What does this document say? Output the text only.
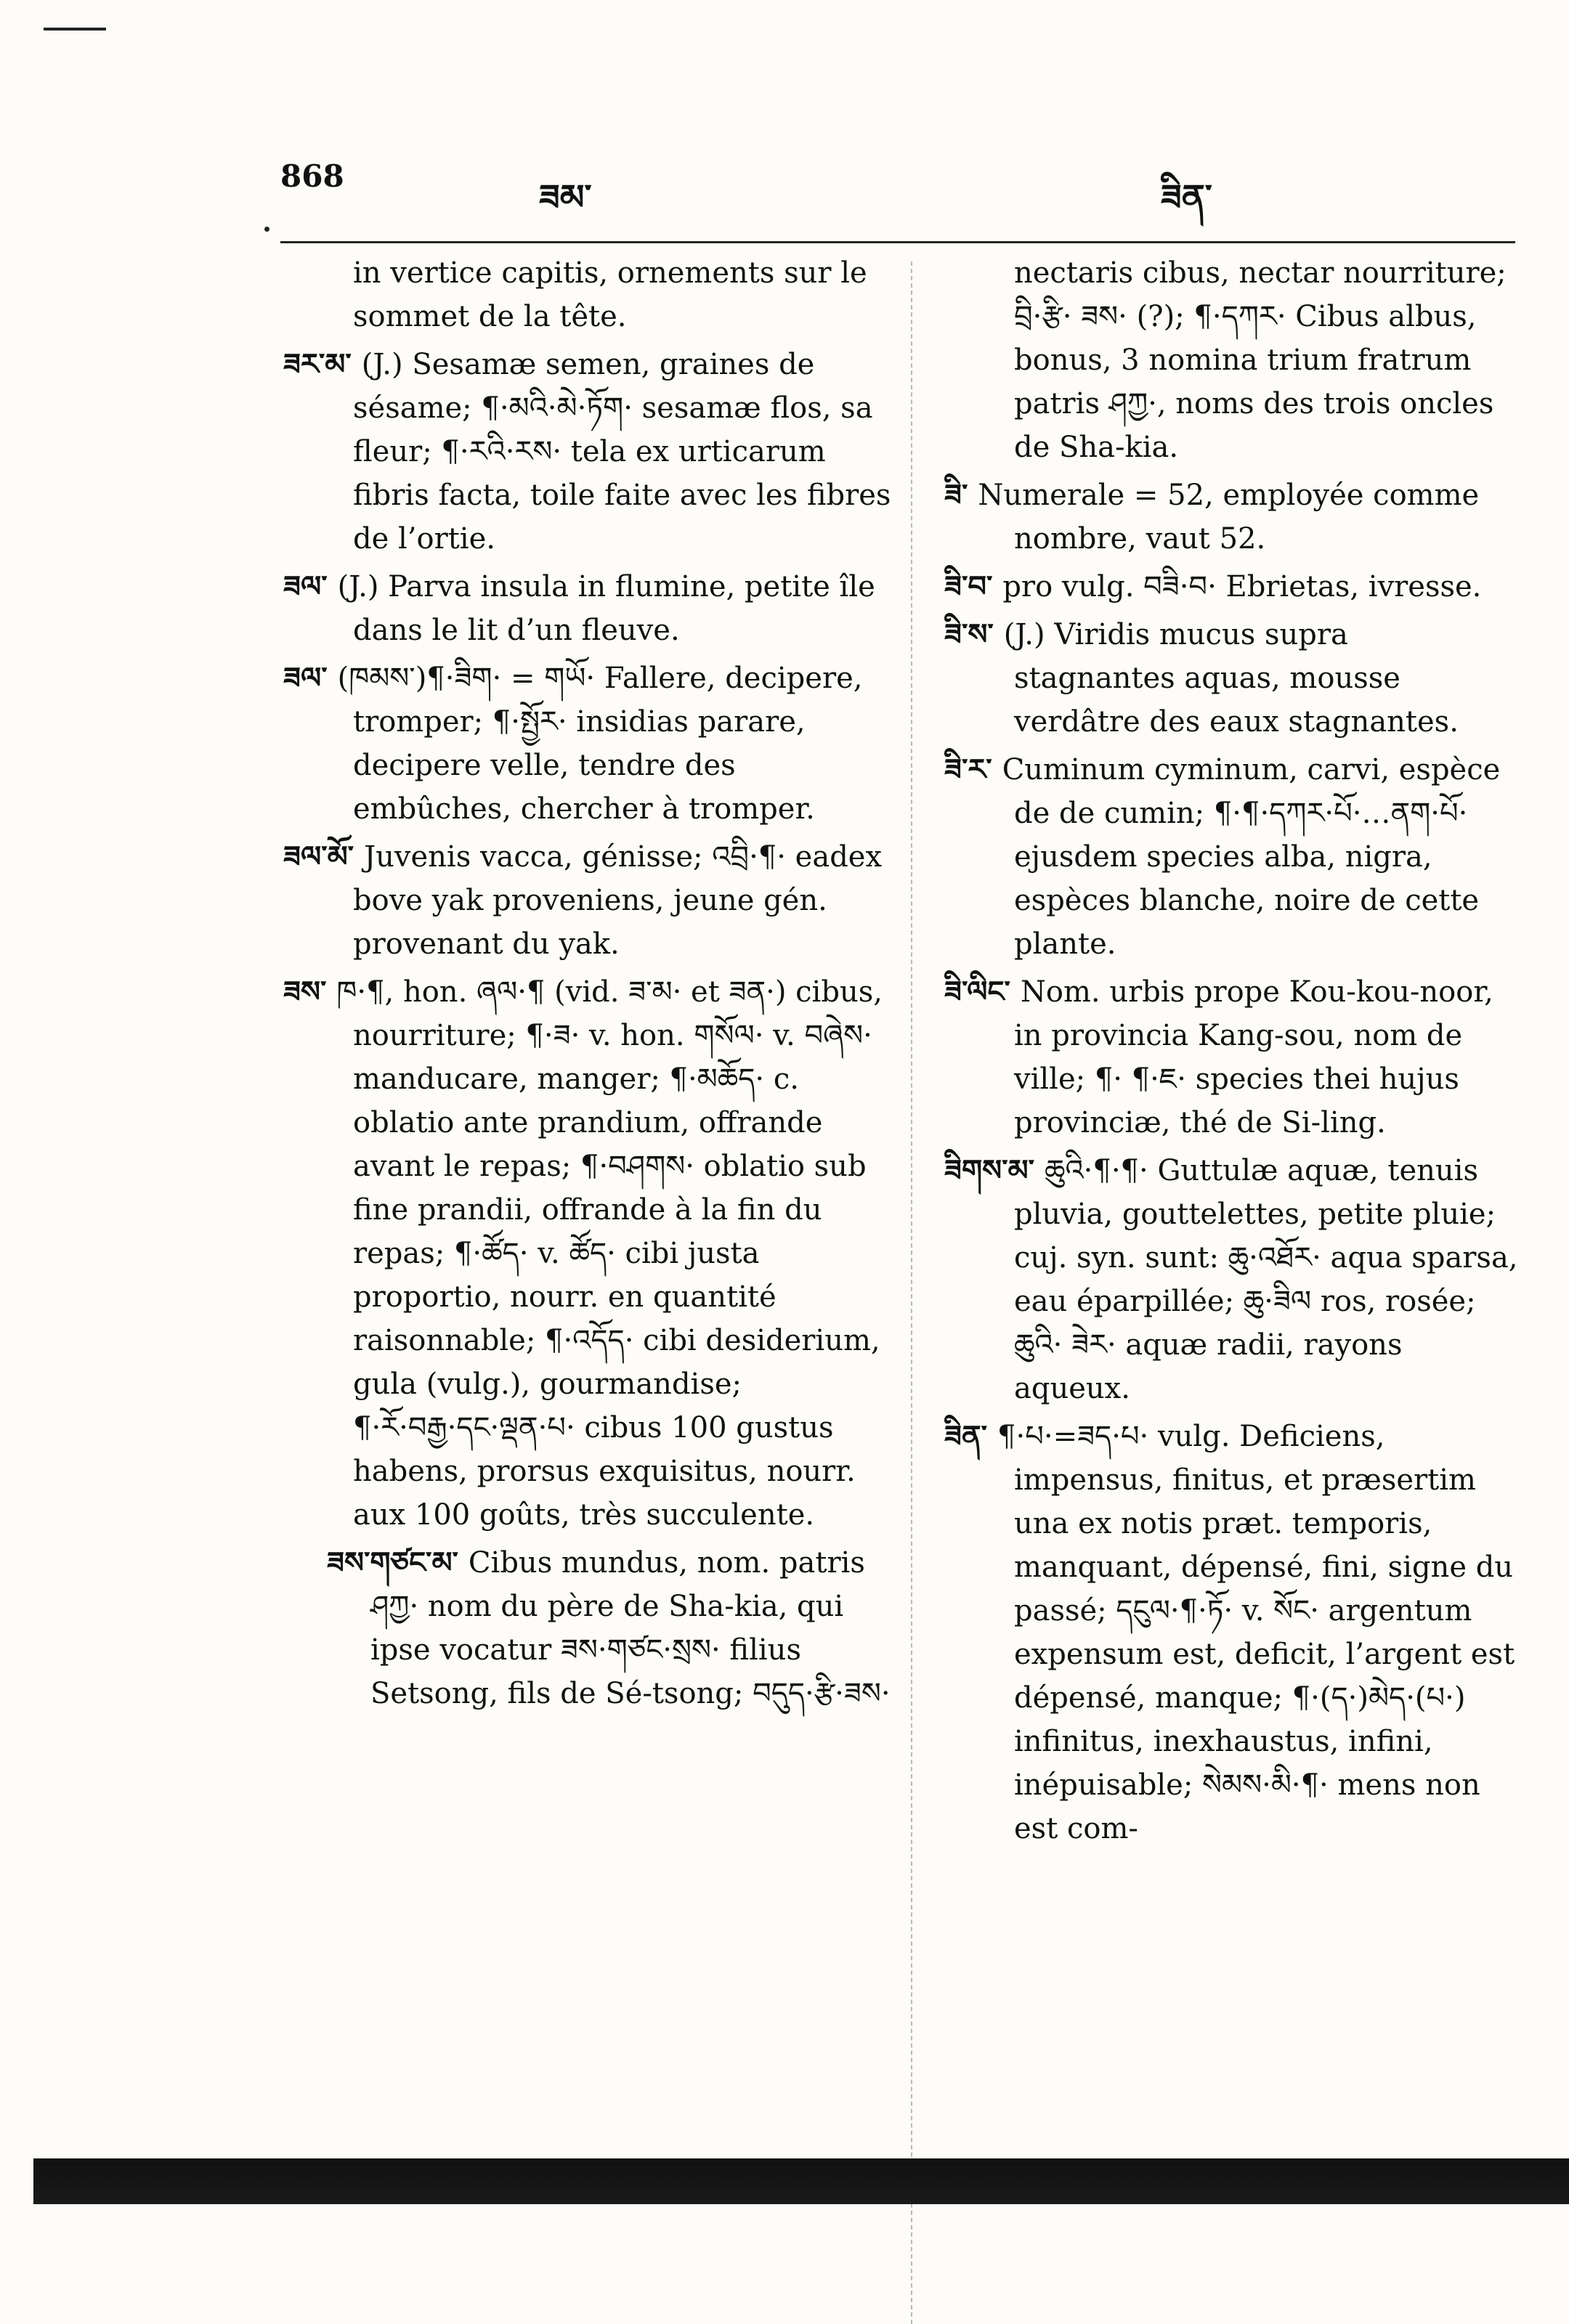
868
ཟམ་	ཟིན་
in vertice capitis, ornements sur le sommet de la tête.
ཟར་མ་ (J.) Sesamæ semen, graines de sésame; ¶·མའི·མེ·ཏོག· sesamæ flos, sa fleur; ¶·རའི·རས· tela ex urticarum fibris facta, toile faite avec les fibres de l’ortie.
ཟལ་ (J.) Parva insula in flumine, petite île dans le lit d’un fleuve.
ཟལ་ (ཁམས་)¶·ཟིག· = གཡོ· Fallere, decipere, tromper; ¶·སྤྱོར· insidias parare, decipere velle, tendre des embûches, chercher à tromper.
ཟལ་མོ་ Juvenis vacca, génisse; འབྲི·¶· eadex bove yak proveniens, jeune gén. provenant du yak.
ཟས་ ཁ·¶, hon. ཞལ·¶ (vid. ཟ་མ· et ཟན·) cibus, nourriture; ¶·ཟ· v. hon. གསོལ· v. བཞེས· manducare, manger; ¶·མཆོད· c. oblatio ante prandium, offrande avant le repas; ¶·བཤགས· oblatio sub fine prandii, offrande à la fin du repas; ¶·ཚོད· v. ཚོད· cibi justa proportio, nourr. en quantité raisonnable; ¶·འདོད· cibi desiderium, gula (vulg.), gourmandise; ¶·རོ·བརྒྱ·དང·ལྡན·པ· cibus 100 gustus habens, prorsus exquisitus, nourr. aux 100 goûts, très succulente.
ཟས་གཙང་མ་ Cibus mundus, nom. patris ཤཀྱ· nom du père de Sha-kia, qui ipse vocatur ཟས·གཙང·སྲས· filius Setsong, fils de Sé-tsong; བདུད·རྩི·ཟས·
nectaris cibus, nectar nourriture; བྲི·རྩི· ཟས· (?); ¶·དཀར· Cibus albus, bonus, 3 nomina trium fratrum patris ཤཀྱ·, noms des trois oncles de Sha-kia.
ཟི་ Numerale = 52, employée comme nombre, vaut 52.
ཟི་བ་ pro vulg. བཟི·བ· Ebrietas, ivresse.
ཟི་ས་ (J.) Viridis mucus supra stagnantes aquas, mousse verdâtre des eaux stagnantes.
ཟི་ར་ Cuminum cyminum, carvi, espèce de de cumin; ¶·¶·དཀར·པོ·…ནག·པོ· ejusdem species alba, nigra, espèces blanche, noire de cette plante.
ཟི་ལིང་ Nom. urbis prope Kou-kou-noor, in provincia Kang-sou, nom de ville; ¶· ¶·ཇ· species thei hujus provinciæ, thé de Si-ling.
ཟིགས་མ་ ཆུའི·¶·¶· Guttulæ aquæ, tenuis pluvia, gouttelettes, petite pluie; cuj. syn. sunt: ཆུ·འཐོར· aqua sparsa, eau éparpillée; ཆུ·ཟིལ ros, rosée; ཆུའི· ཟེར· aquæ radii, rayons aqueux.
ཟིན་ ¶·པ·=ཟད·པ· vulg. Deficiens, impensus, finitus, et præsertim una ex notis præt. temporis, manquant, dépensé, fini, signe du passé; དངུལ·¶·ཏོ· v. སོང· argentum expensum est, deficit, l’argent est dépensé, manque; ¶·(ད·)མེད·(པ·) infinitus, inexhaustus, infini, inépuisable; སེམས·མི·¶· mens non est com-
